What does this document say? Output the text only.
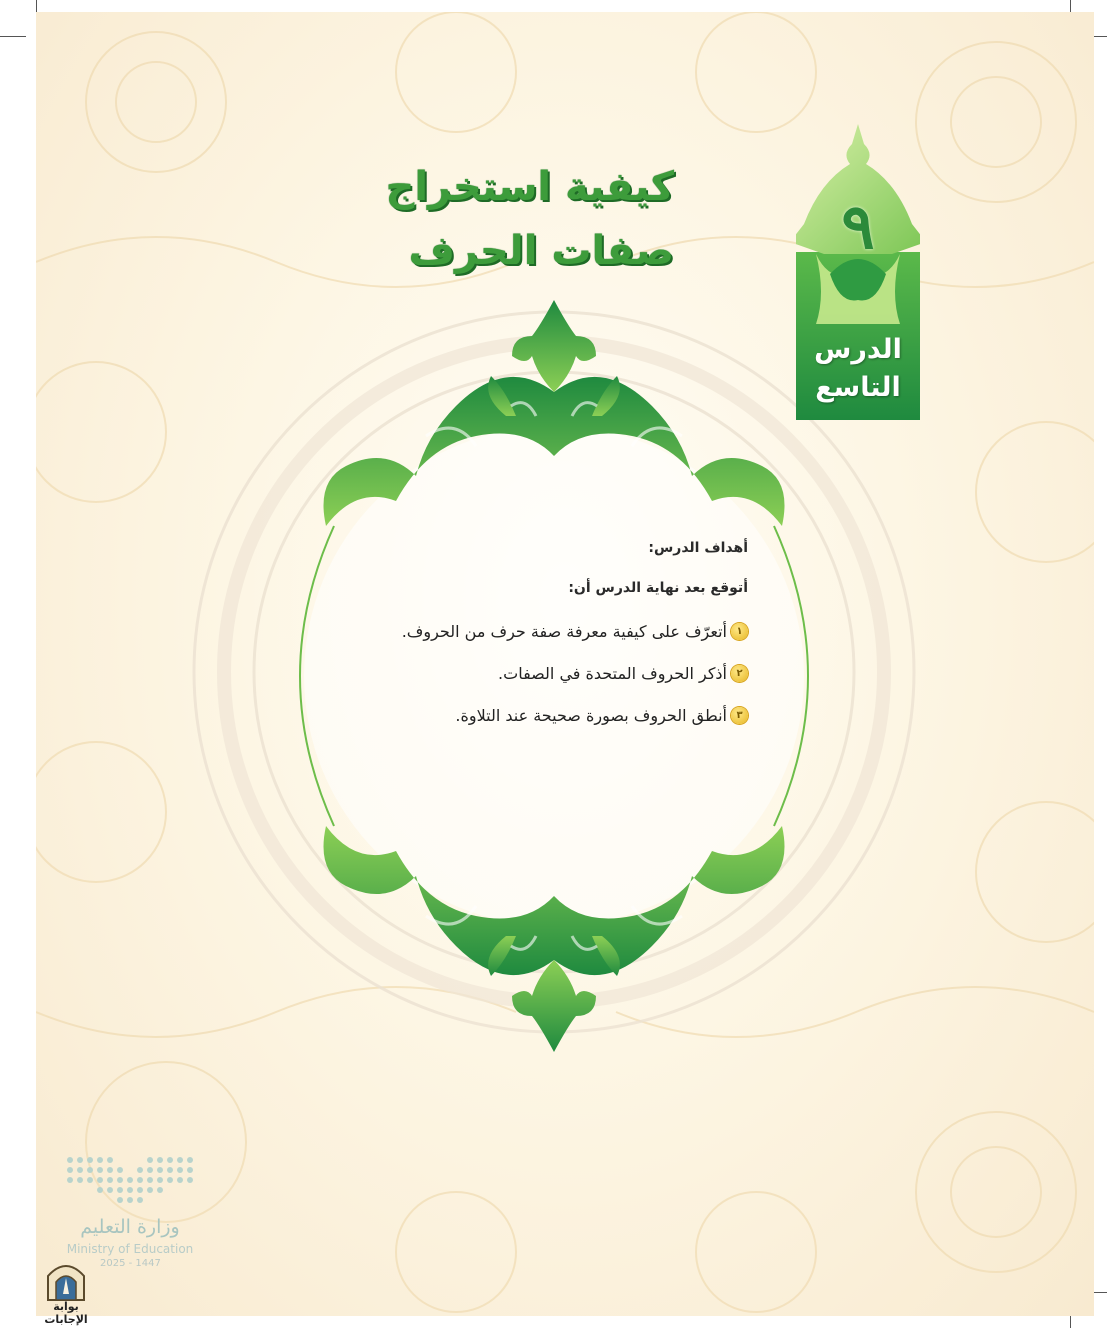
كيفية استخراج
صفات الحرف	٩
الدرس
التاسع
أهداف الدرس:
أتوقع بعد نهاية الدرس أن:
١
أتعرّف على كيفية معرفة صفة حرف من الحروف.
٢
أذكر الحروف المتحدة في الصفات.
٣
أنطق الحروف بصورة صحيحة عند التلاوة.
وزارة التعليم
Ministry of Education
2025 - 1447
بوابة الإجابات
